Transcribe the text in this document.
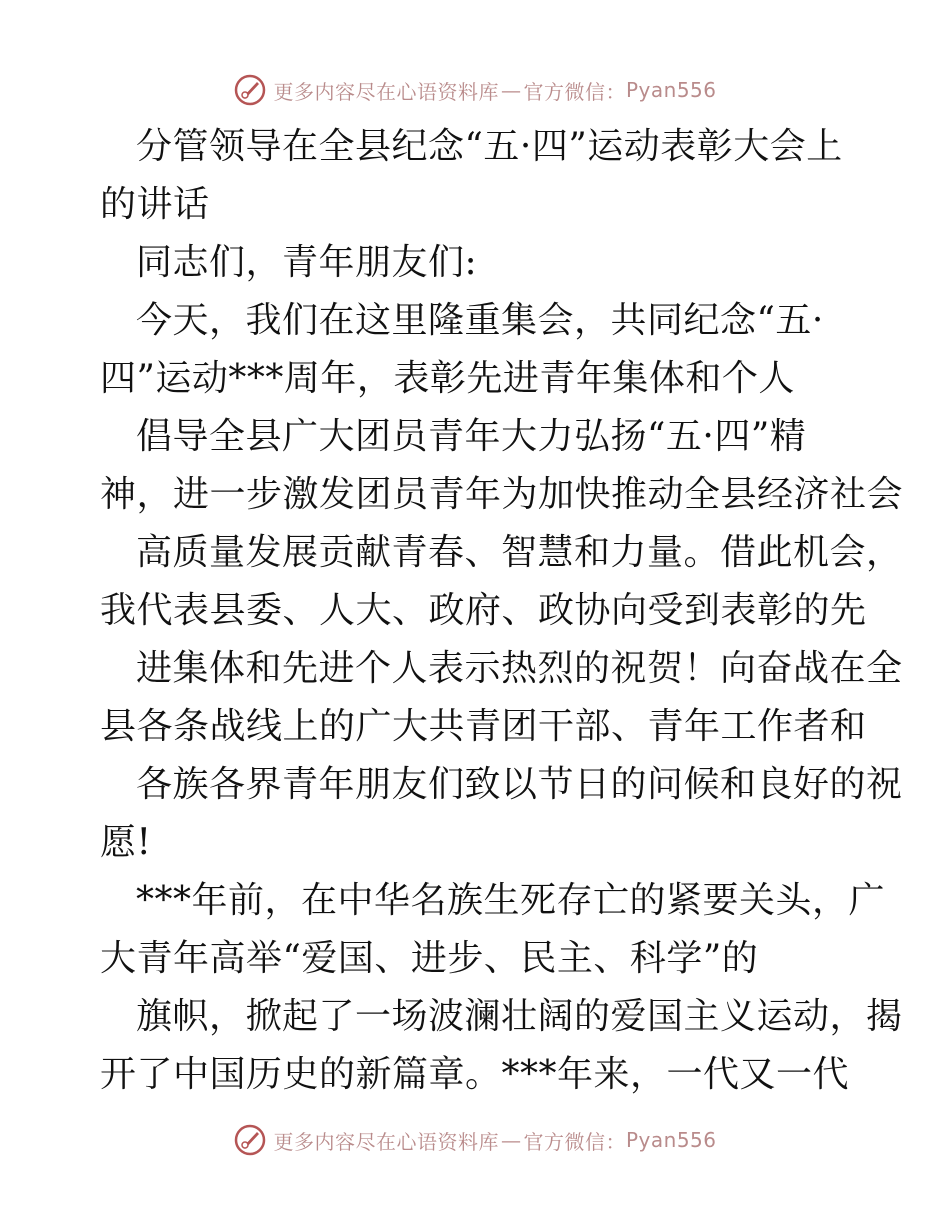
更多内容尽在心语资料库 — 官方微信： Pyan556
分管领导在全县纪念“五·四”运动表彰大会上
的讲话
同志们，青年朋友们:
今天，我们在这里隆重集会，共同纪念“五·
四”运动***周年，表彰先进青年集体和个人
倡导全县广大团员青年大力弘扬“五·四”精
神，进一步激发团员青年为加快推动全县经济社会
高质量发展贡献青春、智慧和力量。借此机会，
我代表县委、人大、政府、政协向受到表彰的先
进集体和先进个人表示热烈的祝贺！向奋战在全
县各条战线上的广大共青团干部、青年工作者和
各族各界青年朋友们致以节日的问候和良好的祝
愿!
***年前，在中华名族生死存亡的紧要关头，广
大青年高举“爱国、进步、民主、科学”的
旗帜，掀起了一场波澜壮阔的爱国主义运动，揭
开了中国历史的新篇章。***年来，一代又一代
更多内容尽在心语资料库 — 官方微信： Pyan556
